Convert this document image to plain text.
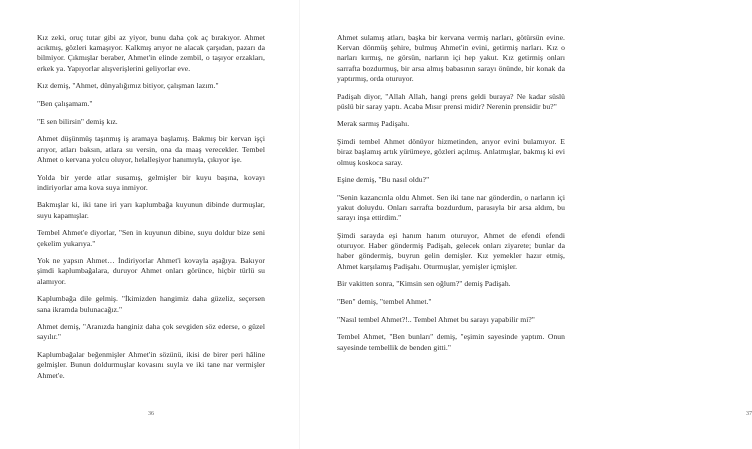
Kız zeki, oruç tutar gibi az yiyor, bunu daha çok aç bırakıyor. Ahmet acıkmış, gözleri kamaşıyor. Kalkmış arıyor ne alacak çarşıdan, pazarı da bilmiyor. Çıkmışlar beraber, Ahmet'in elinde zembil, o taşıyor erzakları, erkek ya. Yapıyorlar alışverişlerini geliyorlar eve.

Kız demiş, "Ahmet, dünyalığımız bitiyor, çalışman lazım."

"Ben çalışamam."

"E sen bilirsin" demiş kız.

Ahmet düşünmüş taşınmış iş aramaya başlamış. Bakmış bir kervan işçi arıyor, atları baksın, atlara su versin, ona da maaş verecekler. Tembel Ahmet o kervana yolcu oluyor, helalleşiyor hanımıyla, çıkıyor işe.

Yolda bir yerde atlar susamış, gelmişler bir kuyu başına, kovayı indiriyorlar ama kova suya inmiyor.

Bakmışlar ki, iki tane iri yarı kaplumbağa kuyunun dibinde durmuşlar, suyu kapamışlar.

Tembel Ahmet'e diyorlar, "Sen in kuyunun dibine, suyu doldur bize seni çekelim yukarıya."

Yok ne yapsın Ahmet… İndiriyorlar Ahmet'i kovayla aşağıya. Bakıyor şimdi kaplumbağalara, duruyor Ahmet onları görünce, hiçbir türlü su alamıyor.

Kaplumbağa dile gelmiş. "İkimizden hangimiz daha güzeliz, seçersen sana ikramda bulunacağız."

Ahmet demiş, "Aranızda hanginiz daha çok sevgiden söz ederse, o güzel sayılır."

Kaplumbağalar beğenmişler Ahmet'in sözünü, ikisi de birer peri hâline gelmişler. Bunun doldurmuşlar kovasını suyla ve iki tane nar vermişler Ahmet'e.

36

Ahmet sulamış atları, başka bir kervana vermiş narları, götürsün evine. Kervan dönmüş şehire, bulmuş Ahmet'in evini, getirmiş narları. Kız o narları kırmış, ne görsün, narların içi hep yakut. Kız getirmiş onları sarrafta bozdurmuş, bir arsa almış babasının sarayı önünde, bir konak da yaptırmış, orda oturuyor.

Padişah diyor, "Allah Allah, hangi prens geldi buraya? Ne kadar süslü püslü bir saray yaptı. Acaba Mısır prensi midir? Nerenin prensidir bu?"

Merak sarmış Padişahı.

Şimdi tembel Ahmet dönüyor hizmetinden, arıyor evini bulamıyor. E biraz başlamış artık yürümeye, gözleri açılmış. Anlatmışlar, bakmış ki evi olmuş koskoca saray.

Eşine demiş, "Bu nasıl oldu?"

"Senin kazancınla oldu Ahmet. Sen iki tane nar gönderdin, o narların içi yakut doluydu. Onları sarrafta bozdurdum, parasıyla bir arsa aldım, bu sarayı inşa ettirdim."

Şimdi sarayda eşi hanım hanım oturuyor, Ahmet de efendi efendi oturuyor. Haber göndermiş Padişah, gelecek onları ziyarete; bunlar da haber göndermiş, buyrun gelin demişler. Kız yemekler hazır etmiş, Ahmet karşılamış Padişahı. Oturmuşlar, yemişler içmişler.

Bir vakitten sonra, "Kimsin sen oğlum?" demiş Padişah.

"Ben" demiş, "tembel Ahmet."

"Nasıl tembel Ahmet?!.. Tembel Ahmet bu sarayı yapabilir mi?"

Tembel Ahmet, "Ben bunları" demiş, "eşimin sayesinde yaptım. Onun sayesinde tembellik de benden gitti."

37
